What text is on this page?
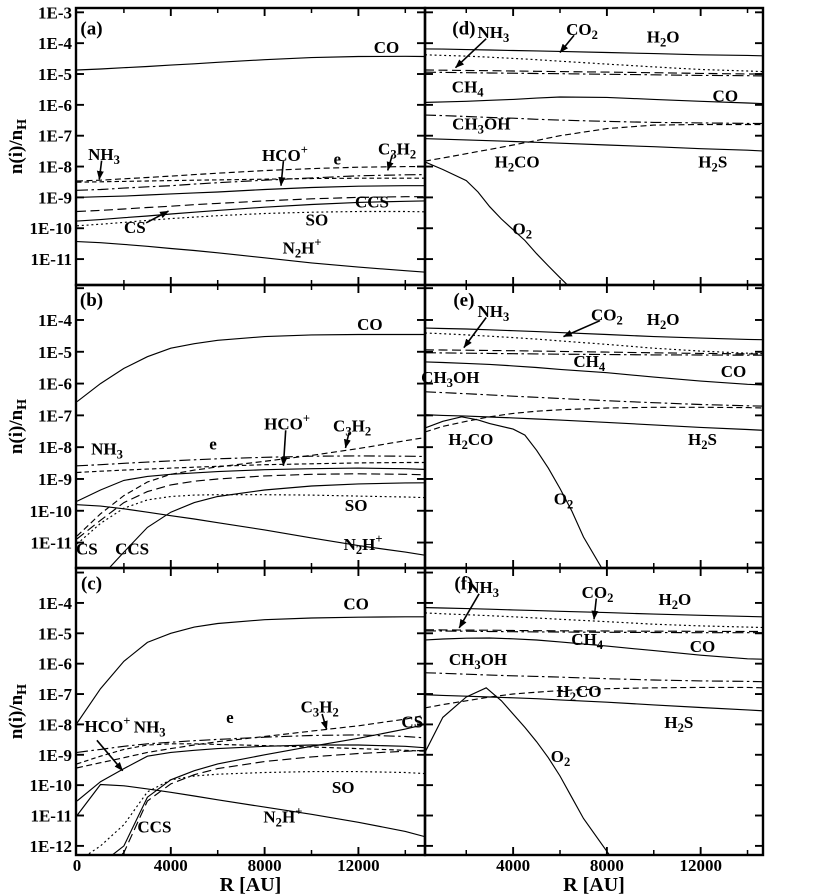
(a)
CO
$NH_3$	HCO+ e
$C_3H_2$
CCS
SO
CS
$N_2H^+$
(b)
CO
$NH_3$
e
HCO+ $C_3H_2$
SO
CS CCS	$N_2H^+$
(c)
CO
HCO+ $NH_3$
e
$C_3H_2$
CS
SO
CCS
$N_2H^+$
(d) $NH_3$	$CO_2$	$H_2O$
$CH_4$	CO
$CH_3OH$
$H_2CO$	$H_2S$
$O_2$
(e)
$NH_3$	$CO_2$ $H_2O$
$CH_4$	CO
$CH_3OH$
$H_2CO$	$H_2S$
$O_2$
(f)
$NH_3$	$CO_2$	$H_2O$
$CH_4$	CO
$CH_3OH$
$H_2CO$
$H_2S$
$O_2$
1E-3
1E-4
1E-5
1E-6
1E-7
1E-8
1E-9
1E-10
1E-11
$n(i)/n_H$
1E-4
1E-5
1E-6
1E-7
1E-8
1E-9
1E-10
1E-11
$n(i)/n_H$
1E-4
1E-5
1E-6
1E-7
1E-8
1E-9
1E-10
1E-11
1E-12
$n(i)/n_H$
0	4000	8000	12000
R [AU]
4000	8000	12000
R [AU]
